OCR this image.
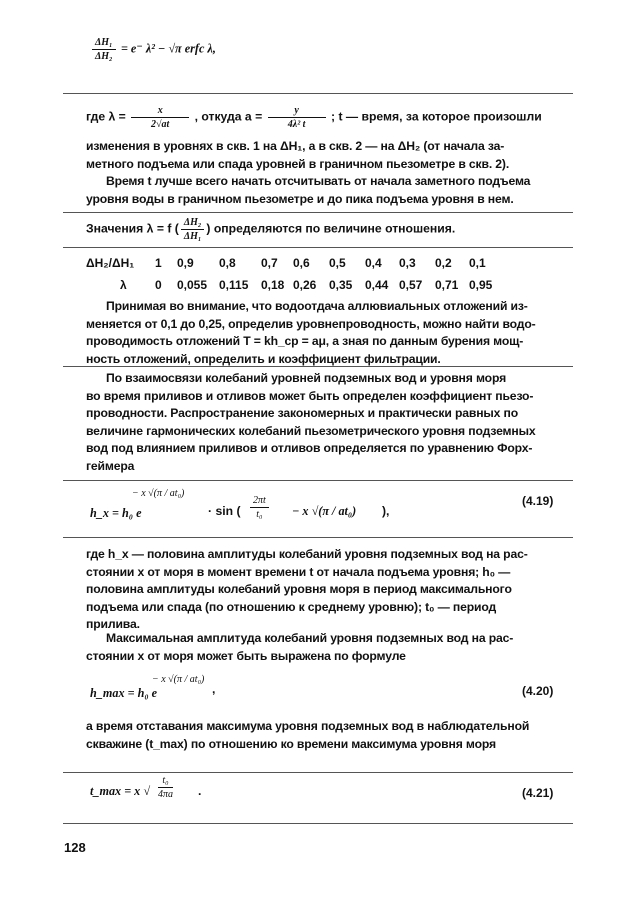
$\frac{\text{ΔH₁}}{\text{ΔH₂}} = e^-$ λ² − √π erfc λ,
где $\lambda = \frac{x}{2√at}$ , откуда $a = \frac{y}{\text{4λ² t}}$ ; t — время, за которое произошли
изменения в уровнях в скв. 1 на ΔH₁, а в скв. 2 — на ΔH₂ (от начала за-
метного подъема или спада уровней в граничном пьезометре в скв. 2).
Время t лучше всего начать отсчитывать от начала заметного подъема
уровня воды в граничном пьезометре и до пика подъема уровня в нем.
Значения λ = f ( $\frac{\text{ΔH₂}}{\text{ΔH₁}}$ ) определяются по величине отношения.
ΔH₂/ΔH₁ 1 0,9 0,8 0,7 0,6 0,5 0,4 0,3 0,2 0,1
λ 0 0,055 0,115 0,18 0,26 0,35 0,44 0,57 0,71 0,95
Принимая во внимание, что водоотдача аллювиальных отложений из-
меняется от 0,1 до 0,25, определив уровнепроводность, можно найти водо-
проводимость отложений T = kh_ср = aμ, а зная по данным бурения мощ-
ность отложений, определить и коэффициент фильтрации.
По взаимосвязи колебаний уровней подземных вод и уровня моря
во время приливов и отливов может быть определен коэффициент пьезо-
проводности. Распространение закономерных и практически равных по
величине гармонических колебаний пьезометрического уровня подземных
вод под влиянием приливов и отливов определяется по уравнению Форх-
геймера
− x √(π / at₀)
h_x = h₀ e	· sin ( $\frac{2\pi t}{\text{t₀}} - x$ √(π / at₀) ),
(4.19)
где h_x — половина амплитуды колебаний уровня подземных вод на рас-
стоянии x от моря в момент времени t от начала подъема уровня; h₀ —
половина амплитуды колебаний уровня моря в период максимального
подъема или спада (по отношению к среднему уровню); t₀ — период
прилива.
Максимальная амплитуда колебаний уровня подземных вод на рас-
стоянии x от моря может быть выражена по формуле
h_max = h₀ e
− x √(π / at₀)
,	(4.20)
а время отставания максимума уровня подземных вод в наблюдательной
скважине (t_max) по отношению ко времени максимума уровня моря
t_max = x √ $\frac{\text{t₀}}{4\pi a}$ .	(4.21)
128
